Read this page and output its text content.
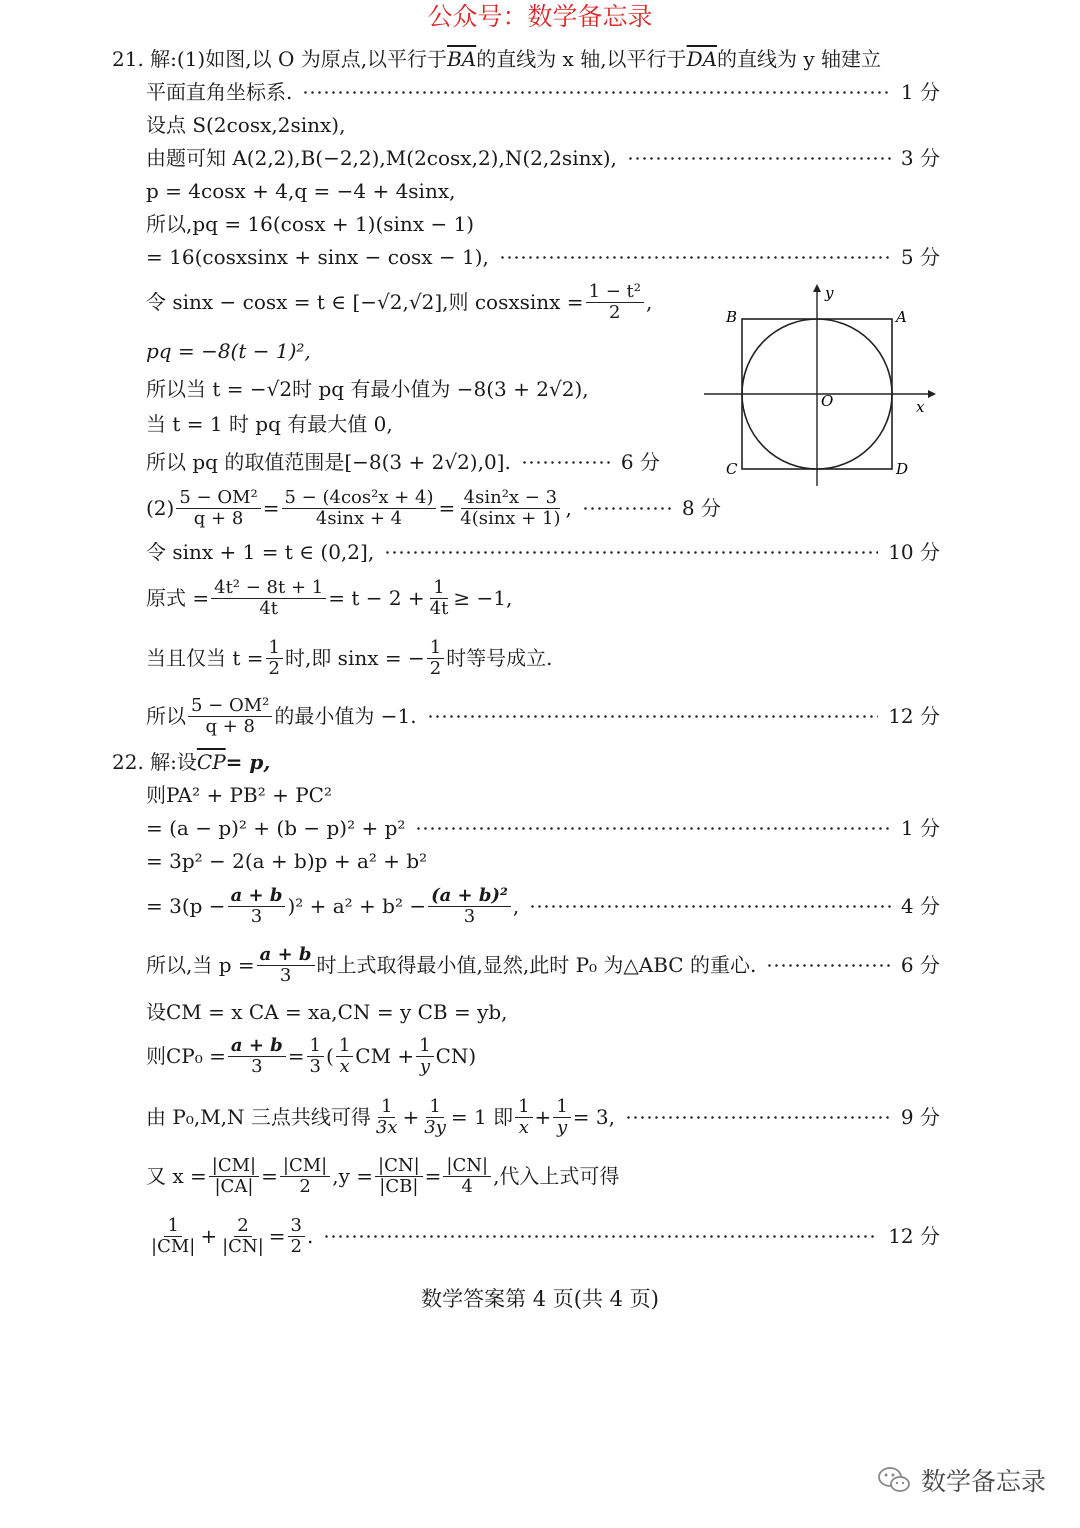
公众号：数学备忘录
21. 解:(1)如图,以 O 为原点,以平行于 $\overline{BA}$ 的直线为 x 轴,以平行于 $\overline{DA}$ 的直线为 y 轴建立
平面直角坐标系.	1 分
设点 S(2cosx,2sinx),
由题可知 A(2,2),B(−2,2),M(2cosx,2),N(2,2sinx),	3 分
p = 4cosx + 4,q = −4 + 4sinx,
所以,pq = 16(cosx + 1)(sinx − 1)
= 16(cosxsinx + sinx − cosx − 1),	5 分
令 sinx − cosx = t ∈ [−√2,√2],则 cosxsinx = $\frac{\text{1 − t²}}{2}$ ,
pq = −8(t − 1)²,
所以当 t = −√2时 pq 有最小值为 −8(3 + 2√2),
当 t = 1 时 pq 有最大值 0,
所以 pq 的取值范围是[−8(3 + 2√2),0].	6 分
$(2) \frac{\text{5 − OM²}}{q + 8} = \frac{\text{5 − (4cos²x + 4)}}{4\sin x + 4} = \frac{\text{4sin²x − 3}}{4(\sin x + 1)}$ ,	8 分
令 sinx + 1 = t ∈ (0,2],	10 分
原式 = $\frac{\text{4t² − 8t + 1}}{4t} = t - 2 + \frac{1}{4t} \ge -1$,
当且仅当 $t = \frac{1}{2}$ 时,即 sinx = − $\frac{1}{2}$ 时等号成立.
所以 $\frac{\text{5 − OM²}}{q + 8}$ 的最小值为 −1.	12 分
B	A
C	D
O	x
y
22. 解:设 $\overline{CP} = p$,
则PA² + PB² + PC²
= (a − p)² + (b − p)² + p²	1 分
= 3p² − 2(a + b)p + a² + b²
= $3(p - \frac{a + b}{3} )^2 + a^2 + b^2 - \frac{\text{(a + b)²}}{3}$ ,	4 分
所以,当 $p = \frac{a + b}{3}$ 时上式取得最小值,显然,此时 P₀ 为△ABC 的重心.	6 分
设CM = x CA = xa,CN = y CB = yb,
则$CP_0 = \frac{a + b}{3} = \frac{1}{3}$ ( $\frac{1}{x}$ CM + $\frac{1}{y} CN$)
由 P₀,M,N 三点共线可得 $\frac{1}{3x} + \frac{1}{3y} = 1$ 即 $\frac{1}{x} + \frac{1}{y} = 3$,	9 分
又 $x = \frac{|CM|}{|CA|} = \frac{|CM|}{2} ,y = \frac{|CN|}{|CB|} = \frac{|CN|}{4}$ ,代入上式可得
$\frac{1}{|CM|} + \frac{2}{|CN|} = \frac{3}{2}$ .	12 分
数学答案第 4 页(共 4 页)
数学备忘录
